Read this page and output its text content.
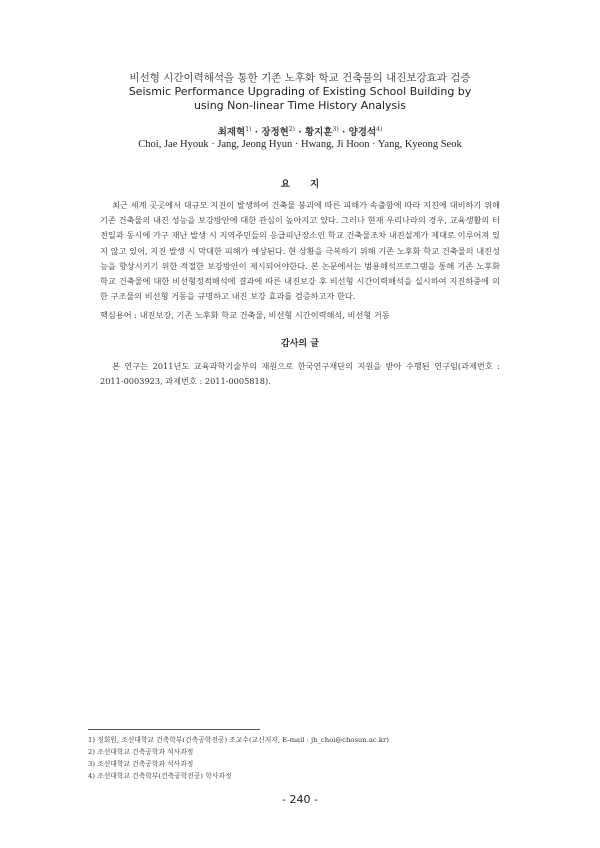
비선형 시간이력해석을 통한 기존 노후화 학교 건축물의 내진보강효과 검증
Seismic Performance Upgrading of Existing School Building by
using Non-linear Time History Analysis
최재혁$^{1)}$ · 장정현$^{2)}$ · 황지훈$^{3)}$ · 양경석$^{4)}$
Choi, Jae Hyouk · Jang, Jeong Hyun · Hwang, Ji Hoon · Yang, Kyeong Seok
요지

최근 세계 곳곳에서 대규모 지진이 발생하여 건축물 붕괴에 따른 피해가 속출함에 따라 지진에 대비하기 위해 기존 건축물의 내진 성능을 보강방안에 대한 관심이 높아지고 있다. 그러나 현재 우리나라의 경우, 교육생활의 터전일과 동시에 가구 재난 발생 시 지역주민들의 응급피난장소인 학교 건축물조차 내진설계가 제대로 이루어져 있지 않고 있어, 지진 발생 시 막대한 피해가 예상된다. 현 상황을 극복하기 위해 기존 노후화 학교 건축물의 내진성능을 향상시키기 위한 적절한 보강방안이 제시되어야한다. 본 논문에서는 범용해석프로그램을 통해 기존 노후화 학교 건축물에 대한 비선형정적해석에 결과에 따른 내진보강 후 비선형 시간이력해석을 실시하여 지진하중에 의한 구조물의 비선형 거동을 규명하고 내진 보강 효과를 검증하고자 한다.

핵심용어 : 내진보강, 기존 노후화 학교 건축물, 비선형 시간이력해석, 비선형 거동
감사의 글

본 연구는 2011년도 교육과학기술부의 재원으로 한국연구재단의 지원을 받아 수행된 연구임(과제번호 : 2011-0003923, 과제번호 : 2011-0005818).

1) 정회원, 조선대학교 건축학부(건축공학전공) 조교수(교신저자, E-mail : jh_choi@chosun.ac.kr)
2) 조선대학교 건축공학과 석사과정
3) 조선대학교 건축공학과 석사과정
4) 조선대학교 건축학부(건축공학전공) 학사과정
- 240 -
